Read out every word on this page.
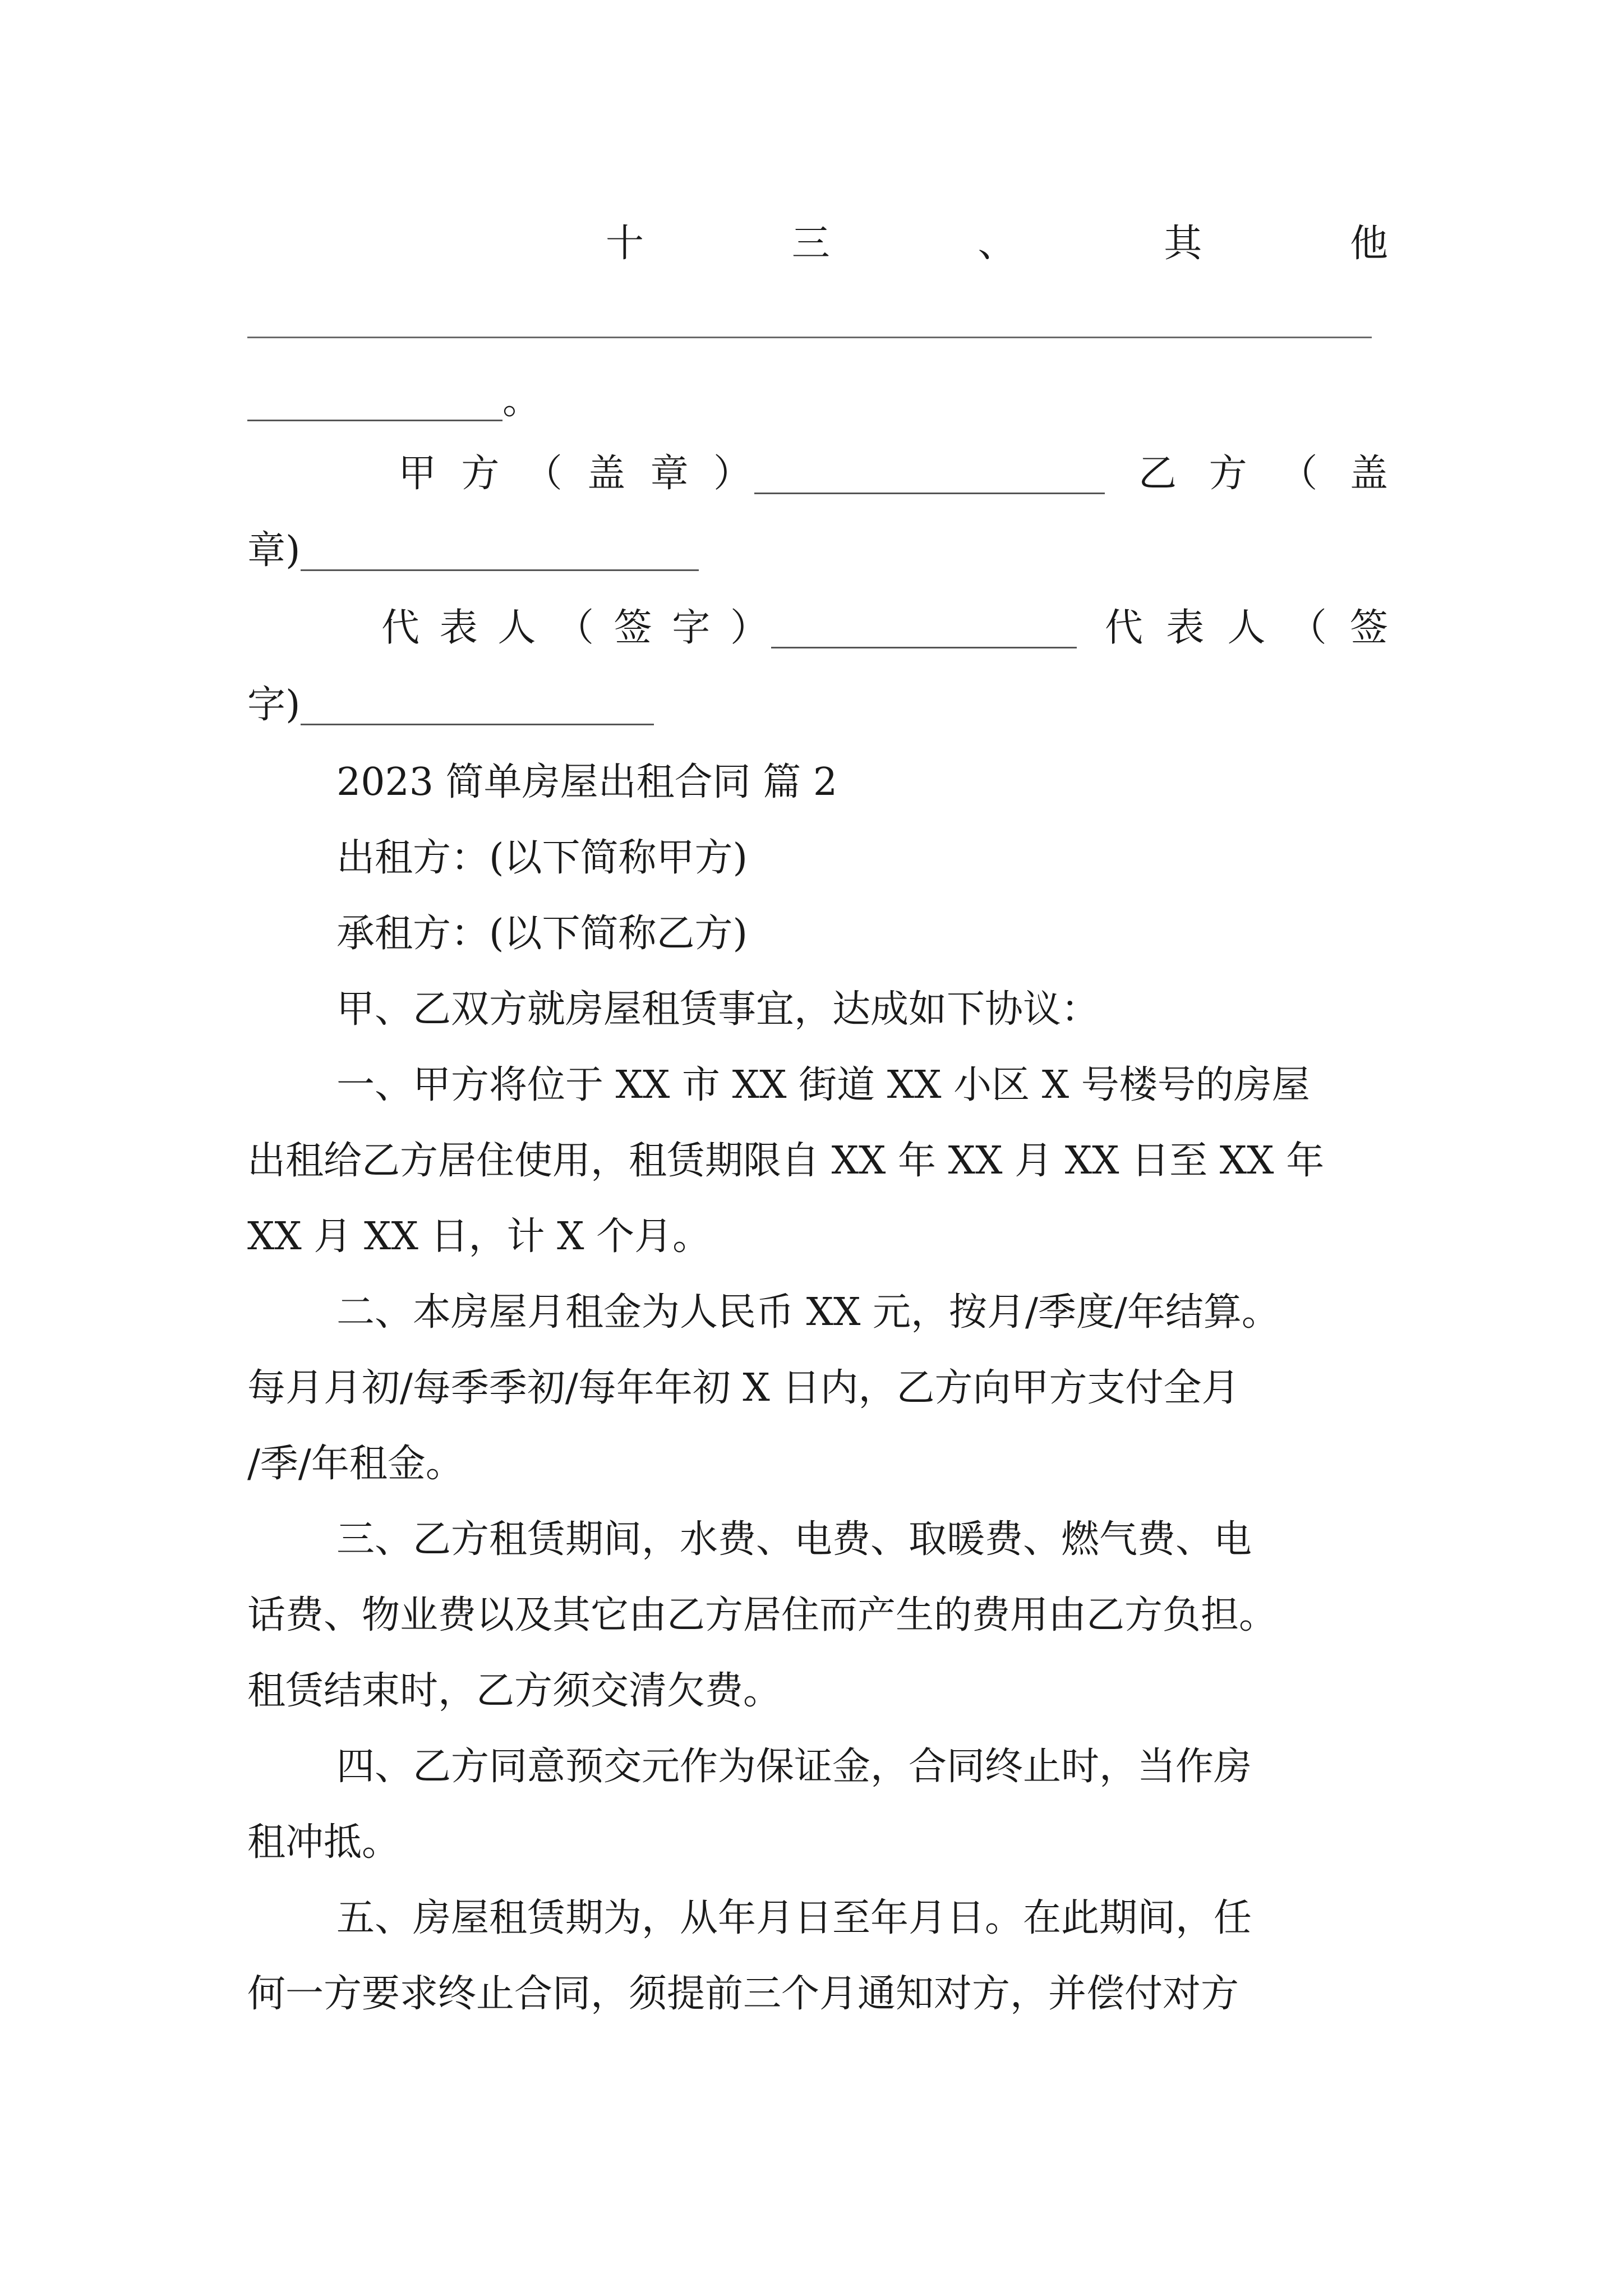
十	三	、	其	他
。
甲 方 （ 盖 章 ）	乙 方 （ 盖
章)
代 表 人 （ 签 字 ）	代 表 人 （ 签
字)
2023 简单房屋出租合同 篇 2
出租方：(以下简称甲方)
承租方：(以下简称乙方)
甲、乙双方就房屋租赁事宜，达成如下协议：
一、甲方将位于 XX 市 XX 街道 XX 小区 X 号楼号的房屋
出租给乙方居住使用，租赁期限自 XX 年 XX 月 XX 日至 XX 年
XX 月 XX 日，计 X 个月。
二、本房屋月租金为人民币 XX 元，按月/季度/年结算。
每月月初/每季季初/每年年初 X 日内，乙方向甲方支付全月
/季/年租金。
三、乙方租赁期间，水费、电费、取暖费、燃气费、电
话费、物业费以及其它由乙方居住而产生的费用由乙方负担。
租赁结束时，乙方须交清欠费。
四、乙方同意预交元作为保证金，合同终止时，当作房
租冲抵。
五、房屋租赁期为，从年月日至年月日。在此期间，任
何一方要求终止合同，须提前三个月通知对方，并偿付对方
